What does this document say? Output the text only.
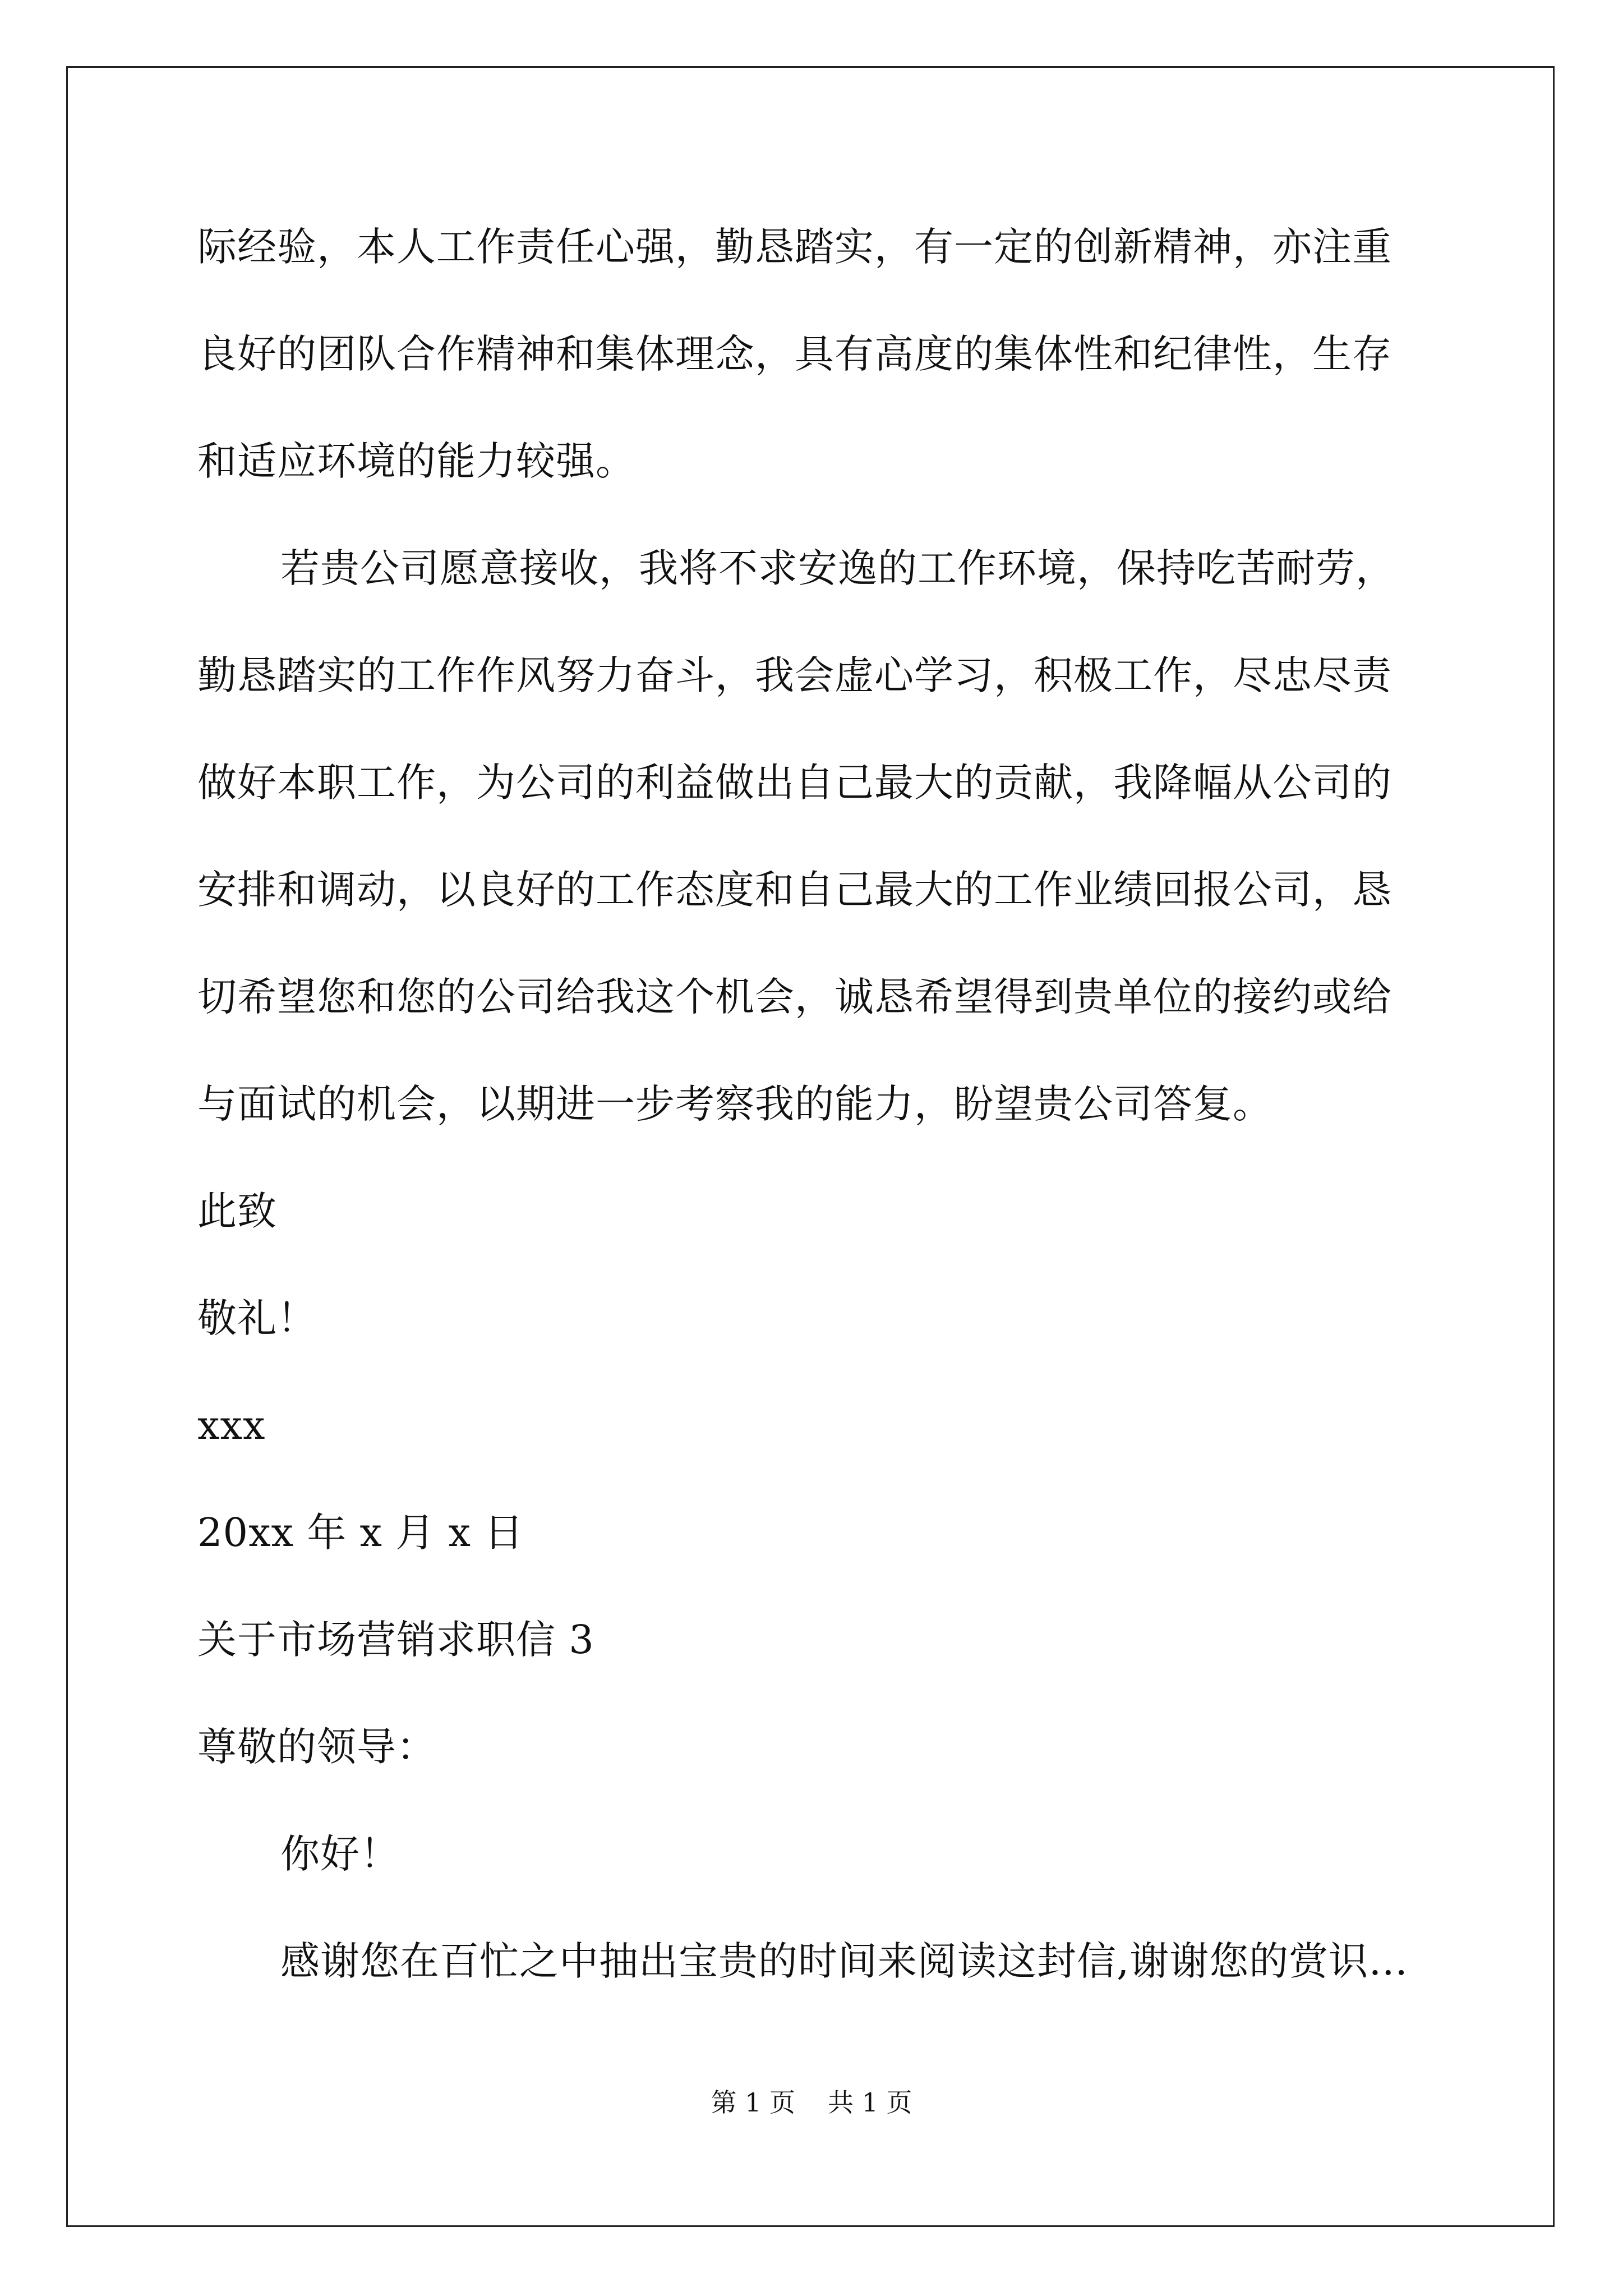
际经验，本人工作责任心强，勤恳踏实，有一定的创新精神，亦注重
良好的团队合作精神和集体理念，具有高度的集体性和纪律性，生存
和适应环境的能力较强。
若贵公司愿意接收，我将不求安逸的工作环境，保持吃苦耐劳，
勤恳踏实的工作作风努力奋斗，我会虚心学习，积极工作，尽忠尽责
做好本职工作，为公司的利益做出自己最大的贡献，我降幅从公司的
安排和调动，以良好的工作态度和自己最大的工作业绩回报公司，恳
切希望您和您的公司给我这个机会，诚恳希望得到贵单位的接约或给
与面试的机会，以期进一步考察我的能力，盼望贵公司答复。
此致
敬礼！
xxx
20xx 年 x 月 x 日
关于市场营销求职信 3
尊敬的领导：
你好！
感谢您在百忙之中抽出宝贵的时间来阅读这封信,谢谢您的赏识…
第 1 页 共 1 页
